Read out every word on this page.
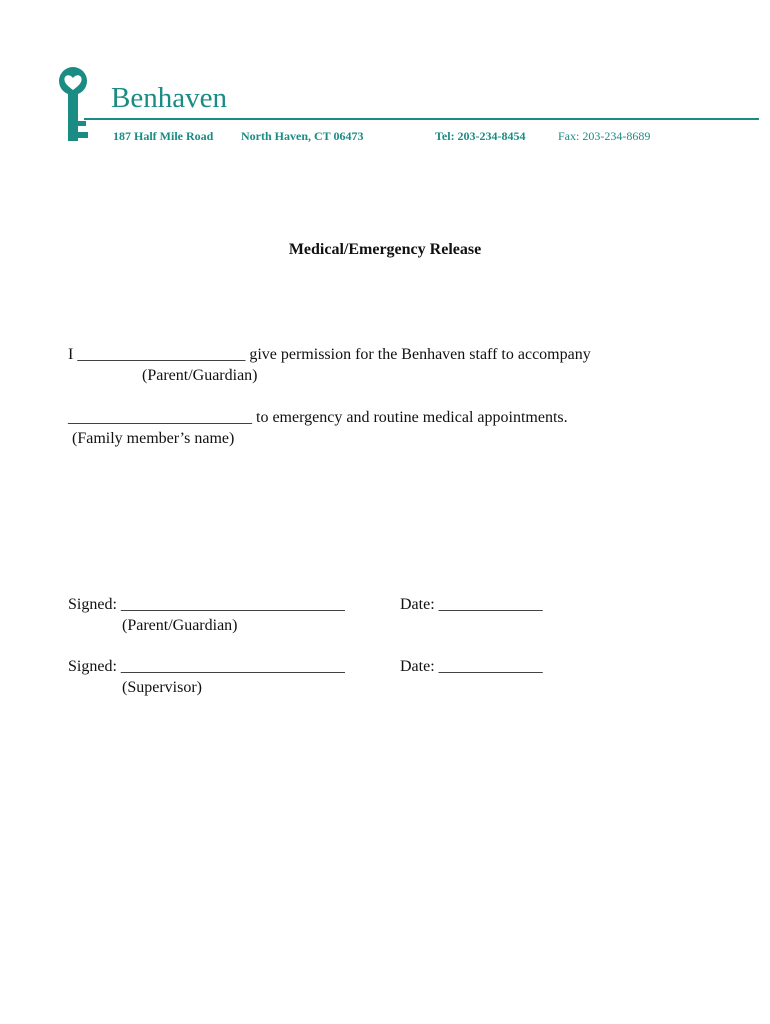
Benhaven
187 Half Mile Road North Haven, CT 06473	Tel: 203-234-8454	Fax: 203-234-8689
Medical/Emergency Release
I _____________________ give permission for the Benhaven staff to accompany
(Parent/Guardian)
_______________________ to emergency and routine medical appointments.
(Family member’s name)
Signed: ____________________________	Date: _____________
(Parent/Guardian)
Signed: ____________________________	Date: _____________
(Supervisor)
